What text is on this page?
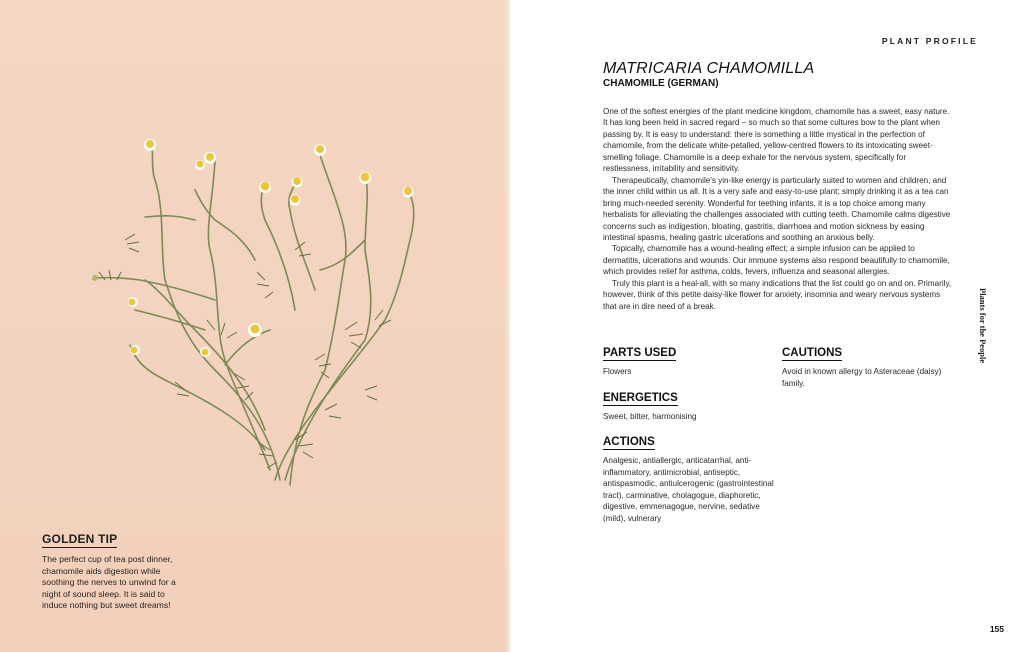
GOLDEN TIP
The perfect cup of tea post dinner, chamomile aids digestion while soothing the nerves to unwind for a night of sound sleep. It is said to induce nothing but sweet dreams!
PLANT PROFILE
MATRICARIA CHAMOMILLA
CHAMOMILE (GERMAN)

One of the softest energies of the plant medicine kingdom, chamomile has a sweet, easy nature. It has long been held in sacred regard – so much so that some cultures bow to the plant when passing by. It is easy to understand: there is something a little mystical in the perfection of chamomile, from the delicate white-petalled, yellow-centred flowers to its intoxicating sweet-smelling foliage. Chamomile is a deep exhale for the nervous system, specifically for restlessness, irritability and sensitivity.

Therapeutically, chamomile's yin-like energy is particularly suited to women and children, and the inner child within us all. It is a very safe and easy-to-use plant; simply drinking it as a tea can bring much-needed serenity. Wonderful for teething infants, it is a top choice among many herbalists for alleviating the challenges associated with cutting teeth. Chamomile calms digestive concerns such as indigestion, bloating, gastritis, diarrhoea and motion sickness by easing intestinal spasms, healing gastric ulcerations and soothing an anxious belly.

Topically, chamomile has a wound-healing effect; a simple infusion can be applied to dermatitis, ulcerations and wounds. Our immune systems also respond beautifully to chamomile, which provides relief for asthma, colds, fevers, influenza and seasonal allergies.

Truly this plant is a heal-all, with so many indications that the list could go on and on. Primarily, however, think of this petite daisy-like flower for anxiety, insomnia and weary nervous systems that are in dire need of a break.

PARTS USED
Flowers
ENERGETICS
Sweet, bitter, harmonising
ACTIONS
Analgesic, antiallergic, anticatarrhal, anti-inflammatory, antimicrobial, antiseptic, antispasmodic, antiulcerogenic (gastrointestinal tract), carminative, cholagogue, diaphoretic, digestive, emmenagogue, nervine, sedative (mild), vulnerary
CAUTIONS
Avoid in known allergy to Asteraceae (daisy) family.
Plants for the People
155
